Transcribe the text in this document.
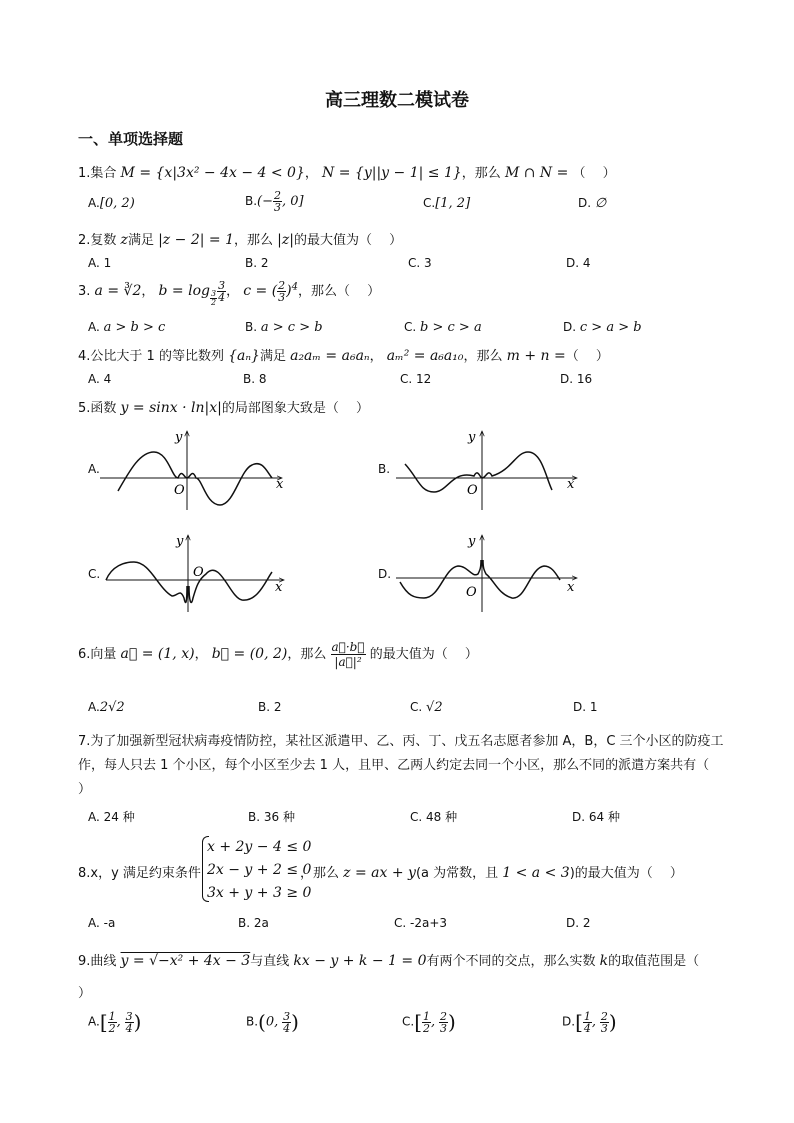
高三理数二模试卷
一、单项选择题
1.集合 M = {x|3x² − 4x − 4 < 0}， N = {y||y − 1| ≤ 1}，那么 M ∩ N = （　 ）
A.[0, 2)	$B.(- \frac{2}{3}$ , 0]	C.[1, 2]	D. ∅
2.复数 z满足 |z − 2| = 1，那么 |z|的最大值为（　 ）
A. 1	B. 2	C. 3	D. 4
3. a = ∛2， $b = \log \frac{3}{2} \frac{3}{4}$ ， c = ( $\frac{2}{3} )^4$，那么（　 ）
A. a > b > c	B. a > c > b	C. b > c > a	D. c > a > b
4.公比大于 1 的等比数列 {aₙ}满足 a₂aₘ = a₆aₙ， aₘ² = a₆a₁₀，那么 m + n =（　 ）
A. 4	B. 8	C. 12	D. 16
5.函数 y = sinx · ln|x|的局部图象大致是（　 ）
A.	B.
C.	D.
x
y
O	x
y
O
x
y
O
x
y
O
6.向量 a⃗ = (1, x)， b⃗ = (0, 2)，那么 $\frac{a⃗\cdot b⃗}{\text{|a⃗|²}}$ 的最大值为（　 ）
A.2√2	B. 2	C. √2	D. 1
7.为了加强新型冠状病毒疫情防控，某社区派遣甲、乙、丙、丁、戊五名志愿者参加 A，B，C 三个小区的防疫工作，每人只去 1 个小区，每个小区至少去 1 人，且甲、乙两人约定去同一个小区，那么不同的派遣方案共有（　 ）
A. 24 种	B. 36 种	C. 48 种	D. 64 种
8.x，y 满足约束条件
x + 2y − 4 ≤ 0
2x − y + 2 ≤ 0
3x + y + 3 ≥ 0
，那么 z = ax + y(a 为常数，且 1 < a < 3)的最大值为（　 ）
A. -a	B. 2a	C. -2a+3	D. 2
9.曲线 y = √−x² + 4x − 3与直线 kx − y + k − 1 = 0有两个不同的交点，那么实数 k的取值范围是（
）
$A.[ \frac{1}{2}$ , $\frac{3}{4}$ )	B.(0, $\frac{3}{4}$ )	$C.[ \frac{1}{2}$ , $\frac{2}{3}$ )	$D.[ \frac{1}{4}$ , $\frac{2}{3}$ )
